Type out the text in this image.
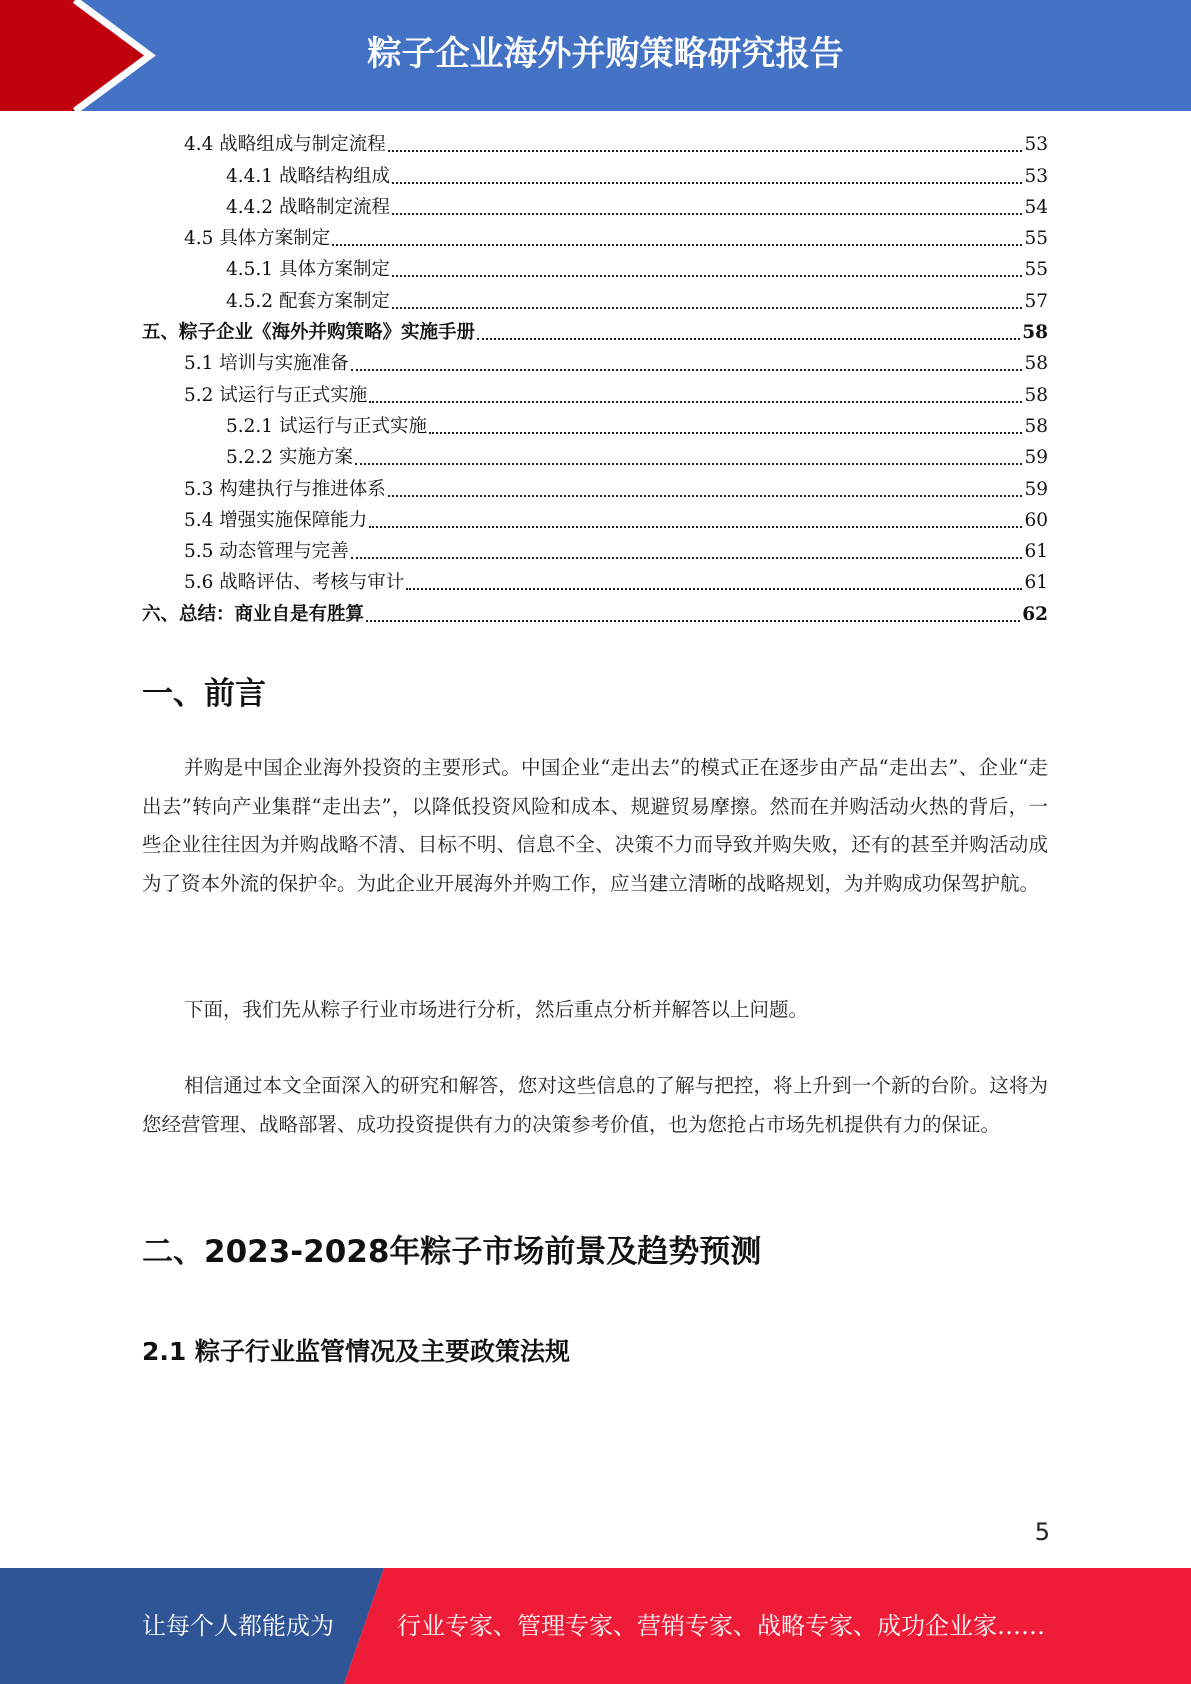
粽子企业海外并购策略研究报告
4.4 战略组成与制定流程	53
4.4.1 战略结构组成	53
4.4.2 战略制定流程	54
4.5 具体方案制定	55
4.5.1 具体方案制定	55
4.5.2 配套方案制定	57
五、粽子企业《海外并购策略》实施手册	58
5.1 培训与实施准备	58
5.2 试运行与正式实施	58
5.2.1 试运行与正式实施	58
5.2.2 实施方案	59
5.3 构建执行与推进体系	59
5.4 增强实施保障能力	60
5.5 动态管理与完善	61
5.6 战略评估、考核与审计	61
六、总结：商业自是有胜算	62
一、前言

并购是中国企业海外投资的主要形式。中国企业“走出去”的模式正在逐步由产品“走出去”、企业“走出去”转向产业集群“走出去”，以降低投资风险和成本、规避贸易摩擦。然而在并购活动火热的背后，一些企业往往因为并购战略不清、目标不明、信息不全、决策不力而导致并购失败，还有的甚至并购活动成为了资本外流的保护伞。为此企业开展海外并购工作，应当建立清晰的战略规划，为并购成功保驾护航。

下面，我们先从粽子行业市场进行分析，然后重点分析并解答以上问题。

相信通过本文全面深入的研究和解答，您对这些信息的了解与把控，将上升到一个新的台阶。这将为您经营管理、战略部署、成功投资提供有力的决策参考价值，也为您抢占市场先机提供有力的保证。

二、2023-2028年粽子市场前景及趋势预测
2.1 粽子行业监管情况及主要政策法规
5
让每个人都能成为	行业专家、管理专家、营销专家、战略专家、成功企业家……
